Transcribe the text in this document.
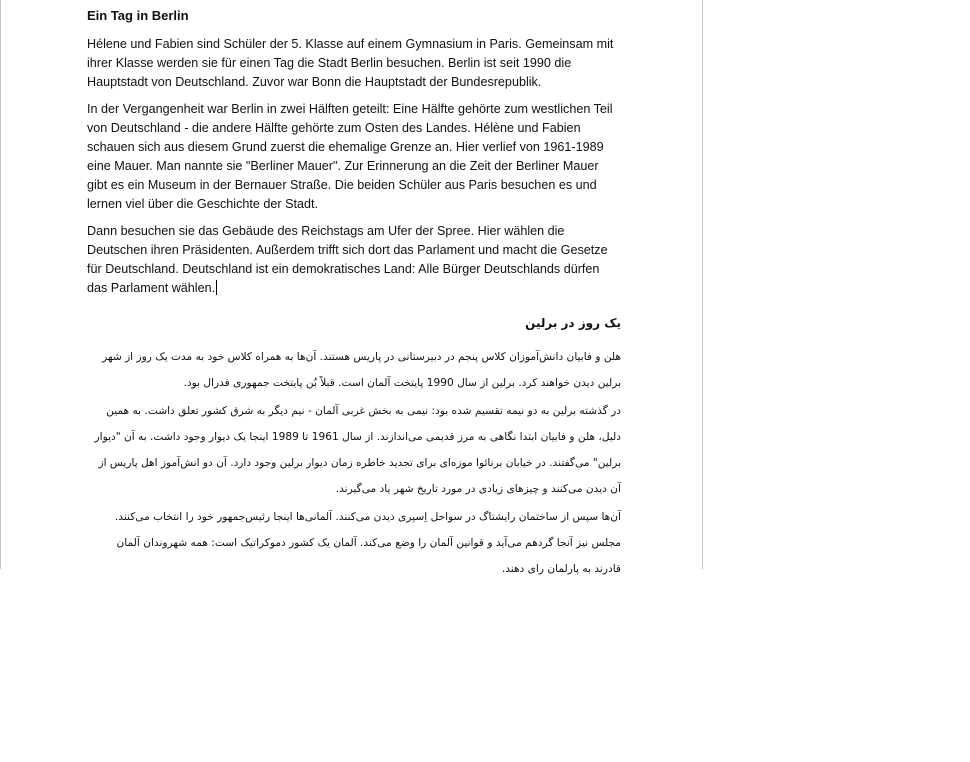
Ein Tag in Berlin

Hélene und Fabien sind Schüler der 5. Klasse auf einem Gymnasium in Paris. Gemeinsam mit ihrer Klasse werden sie für einen Tag die Stadt Berlin besuchen. Berlin ist seit 1990 die Hauptstadt von Deutschland. Zuvor war Bonn die Hauptstadt der Bundesrepublik.

In der Vergangenheit war Berlin in zwei Hälften geteilt: Eine Hälfte gehörte zum westlichen Teil von Deutschland - die andere Hälfte gehörte zum Osten des Landes. Hélène und Fabien schauen sich aus diesem Grund zuerst die ehemalige Grenze an. Hier verlief von 1961-1989 eine Mauer. Man nannte sie "Berliner Mauer". Zur Erinnerung an die Zeit der Berliner Mauer gibt es ein Museum in der Bernauer Straße. Die beiden Schüler aus Paris besuchen es und lernen viel über die Geschichte der Stadt.

Dann besuchen sie das Gebäude des Reichstags am Ufer der Spree. Hier wählen die Deutschen ihren Präsidenten. Außerdem trifft sich dort das Parlament und macht die Gesetze für Deutschland. Deutschland ist ein demokratisches Land: Alle Bürger Deutschlands dürfen das Parlament wählen.

یک روز در برلین

هلن و فابیان دانش‌آموزان کلاس پنجم در دبیرستانی در پاریس هستند. آن‌ها به همراه کلاس خود به مدت یک روز از شهر برلین دیدن خواهند کرد. برلین از سال 1990 پایتخت آلمان است. قبلاً بُن پایتخت جمهوری فدرال بود.

در گذشته برلین به دو نیمه تقسیم شده بود: نیمی به بخش غربی آلمان - نیم دیگر به شرق کشور تعلق داشت. به همین دلیل، هلن و فابیان ابتدا نگاهی به مرز قدیمی می‌اندازند. از سال 1961 تا 1989 اینجا یک دیوار وجود داشت. به آن "دیوار برلین" می‌گفتند. در خیابان برنائوا موزه‌ای برای تجدید خاطره زمان دیوار برلین وجود دارد. آن دو انش‌آموز اهل پاریس از آن دیدن می‌کنند و چیزهای زیادی در مورد تاریخ شهر یاد می‌گیرند.

آن‌ها سپس از ساختمان رایشتاگ در سواحل اِسپری دیدن می‌کنند. آلمانی‌ها اینجا رئیس‌جمهور خود را انتخاب می‌کنند. مجلس نیز آنجا گردهم می‌آید و قوانین آلمان را وضع می‌کند. آلمان یک کشور دموکراتیک است: همه شهروندان آلمان قادرند به پارلمان رای دهند.
